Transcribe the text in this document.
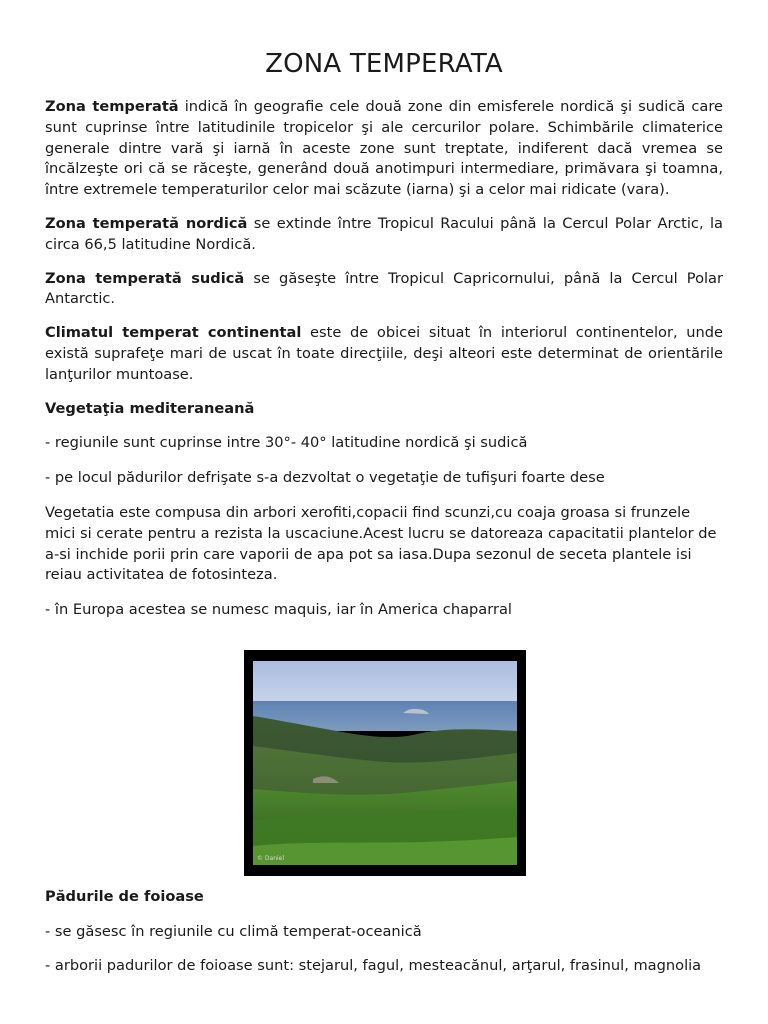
ZONA TEMPERATA

Zona temperată indică în geografie cele două zone din emisferele nordică şi sudică care sunt cuprinse între latitudinile tropicelor şi ale cercurilor polare. Schimbările climaterice generale dintre vară şi iarnă în aceste zone sunt treptate, indiferent dacă vremea se încălzeşte ori că se răceşte, generând două anotimpuri intermediare, primăvara şi toamna, între extremele temperaturilor celor mai scăzute (iarna) şi a celor mai ridicate (vara).

Zona temperată nordică se extinde între Tropicul Racului până la Cercul Polar Arctic, la circa 66,5 latitudine Nordică.

Zona temperată sudică se găseşte între Tropicul Capricornului, până la Cercul Polar Antarctic.

Climatul temperat continental este de obicei situat în interiorul continentelor, unde există suprafeţe mari de uscat în toate direcţiile, deşi alteori este determinat de orientările lanţurilor muntoase.

Vegetaţia mediteraneană

- regiunile sunt cuprinse intre 30°- 40° latitudine nordică şi sudică

- pe locul pădurilor defrişate s-a dezvoltat o vegetaţie de tufişuri foarte dese

Vegetatia este compusa din arbori xerofiti,copacii find scunzi,cu coaja groasa si frunzele mici si cerate pentru a rezista la uscaciune.Acest lucru se datoreaza capacitatii plantelor de a-si inchide porii prin care vaporii de apa pot sa iasa.Dupa sezonul de seceta plantele isi reiau activitatea de fotosinteza.

- în Europa acestea se numesc maquis, iar în America chaparral

© Daniel

Pădurile de foioase

- se găsesc în regiunile cu climă temperat-oceanică

- arborii padurilor de foioase sunt: stejarul, fagul, mesteacănul, arţarul, frasinul, magnolia
